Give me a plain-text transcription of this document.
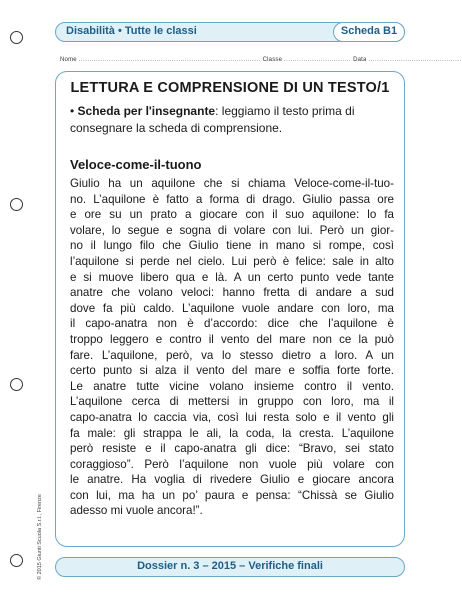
Disabilità • Tutte le classi	Scheda B1
Nome .................................................................................... Classe ............................... Data ...........................................
LETTURA E COMPRENSIONE DI UN TESTO/1
• Scheda per l'insegnante: leggiamo il testo prima di
consegnare la scheda di comprensione.
Veloce-come-il-tuono
Giulio ha un aquilone che si chiama Veloce-come-il-tuo-
no. L’aquilone è fatto a forma di drago. Giulio passa ore
e ore su un prato a giocare con il suo aquilone: lo fa
volare, lo segue e sogna di volare con lui. Però un gior-
no il lungo filo che Giulio tiene in mano si rompe, così
l’aquilone si perde nel cielo. Lui però è felice: sale in alto
e si muove libero qua e là. A un certo punto vede tante
anatre che volano veloci: hanno fretta di andare a sud
dove fa più caldo. L’aquilone vuole andare con loro, ma
il capo-anatra non è d’accordo: dice che l’aquilone è
troppo leggero e contro il vento del mare non ce la può
fare. L’aquilone, però, va lo stesso dietro a loro. A un
certo punto si alza il vento del mare e soffia forte forte.
Le anatre tutte vicine volano insieme contro il vento.
L’aquilone cerca di mettersi in gruppo con loro, ma il
capo-anatra lo caccia via, così lui resta solo e il vento gli
fa male: gli strappa le ali, la coda, la cresta. L’aquilone
però resiste e il capo-anatra gli dice: “Bravo, sei stato
coraggioso”. Però l’aquilone non vuole più volare con
le anatre. Ha voglia di rivedere Giulio e giocare ancora
con lui, ma ha un po’ paura e pensa: “Chissà se Giulio
adesso mi vuole ancora!”.
Dossier n. 3 – 2015 – Verifiche finali
© 2015 Giunti Scuola S.r.l., Firenze
